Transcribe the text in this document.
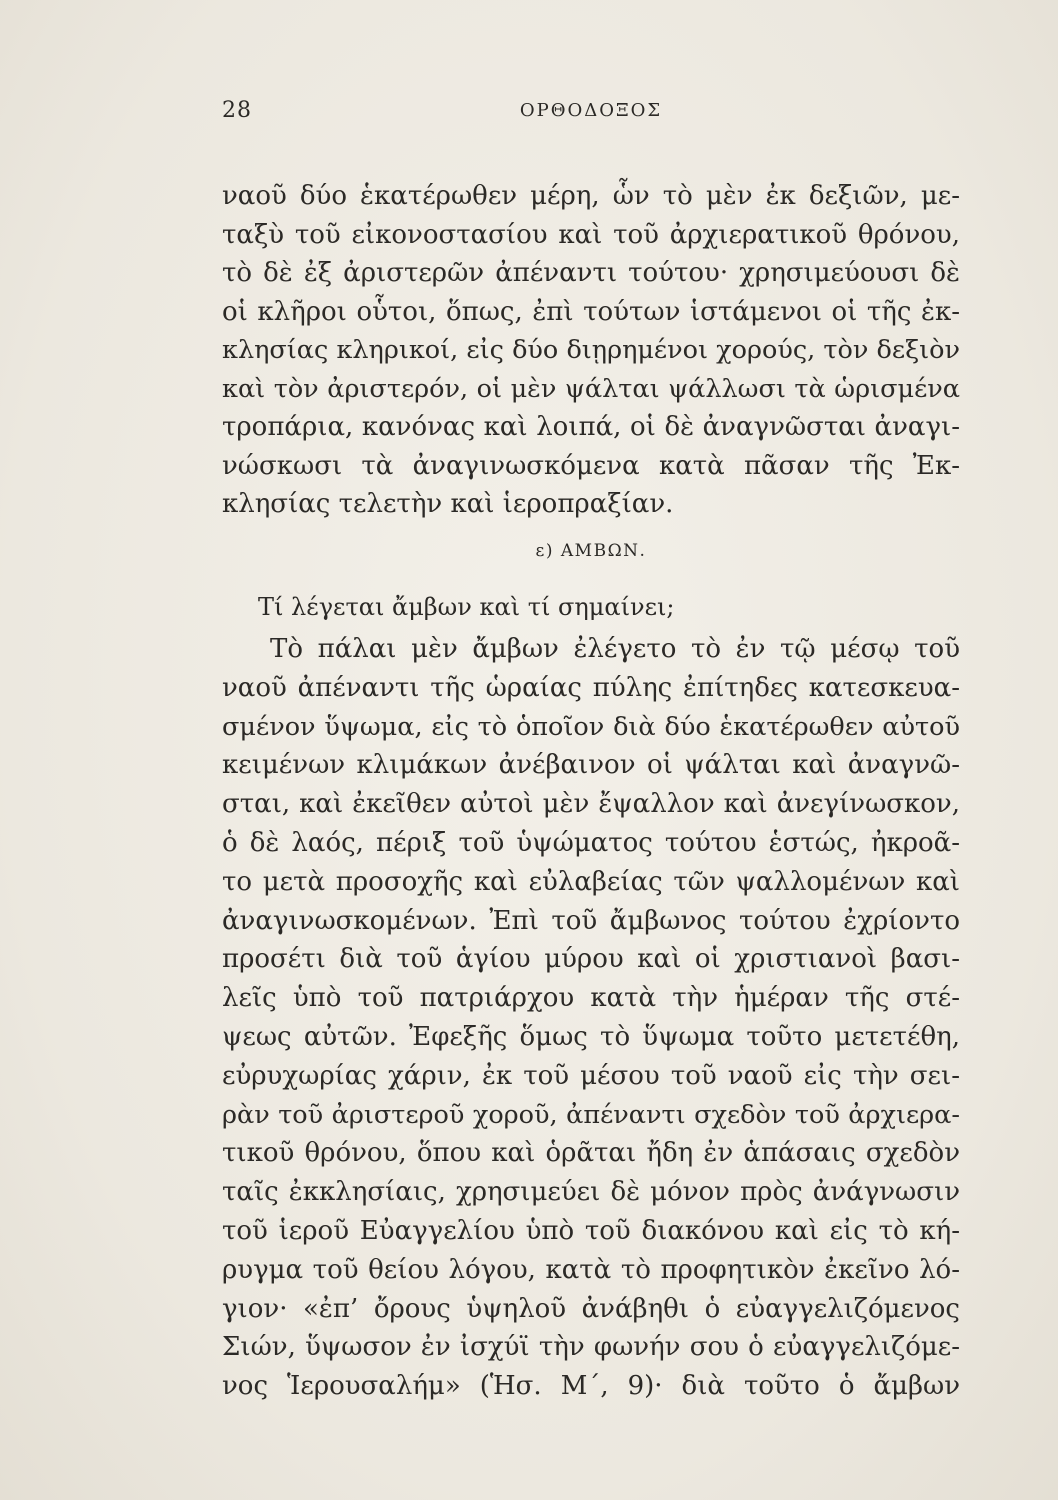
28	ΟΡΘΟΔΟΞΟΣ
ναοῦ δύο ἑκατέρωθεν μέρη, ὧν τὸ μὲν ἐκ δεξιῶν, με-
ταξὺ τοῦ εἰκονοστασίου καὶ τοῦ ἀρχιερατικοῦ θρόνου,
τὸ δὲ ἐξ ἀριστερῶν ἀπέναντι τούτου· χρησιμεύουσι δὲ
οἱ κλῆροι οὗτοι, ὅπως, ἐπὶ τούτων ἱστάμενοι οἱ τῆς ἐκ-
κλησίας κληρικοί, εἰς δύο διῃρημένοι χορούς, τὸν δεξιὸν
καὶ τὸν ἀριστερόν, οἱ μὲν ψάλται ψάλλωσι τὰ ὡρισμένα
τροπάρια, κανόνας καὶ λοιπά, οἱ δὲ ἀναγνῶσται ἀναγι-
νώσκωσι τὰ ἀναγινωσκόμενα κατὰ πᾶσαν τῆς Ἐκ-
κλησίας τελετὴν καὶ ἱεροπραξίαν.
ε) ΑΜΒΩΝ.
Τί λέγεται ἄμβων καὶ τί σημαίνει;
Τὸ πάλαι μὲν ἄμβων ἐλέγετο τὸ ἐν τῷ μέσῳ τοῦ
ναοῦ ἀπέναντι τῆς ὡραίας πύλης ἐπίτηδες κατεσκευα-
σμένον ὕψωμα, εἰς τὸ ὁποῖον διὰ δύο ἑκατέρωθεν αὐτοῦ
κειμένων κλιμάκων ἀνέβαινον οἱ ψάλται καὶ ἀναγνῶ-
σται, καὶ ἐκεῖθεν αὐτοὶ μὲν ἔψαλλον καὶ ἀνεγίνωσκον,
ὁ δὲ λαός, πέριξ τοῦ ὑψώματος τούτου ἑστώς, ἠκροᾶ-
το μετὰ προσοχῆς καὶ εὐλαβείας τῶν ψαλλομένων καὶ
ἀναγινωσκομένων. Ἐπὶ τοῦ ἄμβωνος τούτου ἐχρίοντο
προσέτι διὰ τοῦ ἁγίου μύρου καὶ οἱ χριστιανοὶ βασι-
λεῖς ὑπὸ τοῦ πατριάρχου κατὰ τὴν ἡμέραν τῆς στέ-
ψεως αὐτῶν. Ἐφεξῆς ὅμως τὸ ὕψωμα τοῦτο μετετέθη,
εὐρυχωρίας χάριν, ἐκ τοῦ μέσου τοῦ ναοῦ εἰς τὴν σει-
ρὰν τοῦ ἀριστεροῦ χοροῦ, ἀπέναντι σχεδὸν τοῦ ἀρχιερα-
τικοῦ θρόνου, ὅπου καὶ ὁρᾶται ἤδη ἐν ἁπάσαις σχεδὸν
ταῖς ἐκκλησίαις, χρησιμεύει δὲ μόνον πρὸς ἀνάγνωσιν
τοῦ ἱεροῦ Εὐαγγελίου ὑπὸ τοῦ διακόνου καὶ εἰς τὸ κή-
ρυγμα τοῦ θείου λόγου, κατὰ τὸ προφητικὸν ἐκεῖνο λό-
γιον· «ἐπ’ ὄρους ὑψηλοῦ ἀνάβηθι ὁ εὐαγγελιζόμενος
Σιών, ὕψωσον ἐν ἰσχύϊ τὴν φωνήν σου ὁ εὐαγγελιζόμε-
νος Ἱερουσαλήμ» (Ἡσ. Μ΄, 9)· διὰ τοῦτο ὁ ἄμβων
